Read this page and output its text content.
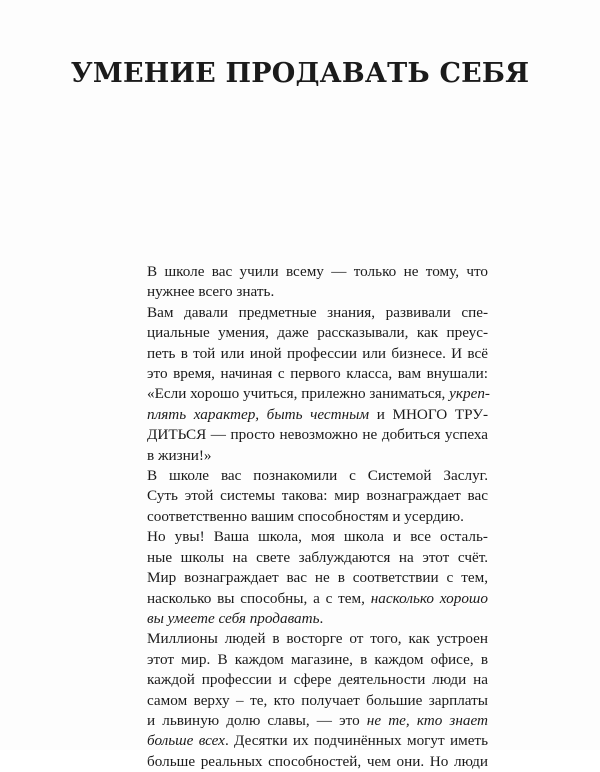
УМЕНИЕ ПРОДАВАТЬ СЕБЯ

В школе вас учили всему — только не тому, что
нужнее всего знать.

Вам давали предметные знания, развивали спе-
циальные умения, даже рассказывали, как преус-
петь в той или иной профессии или бизнесе. И всё
это время, начиная с первого класса, вам внушали:
«Если хорошо учиться, прилежно заниматься, укреп-
плять характер, быть честным и МНОГО ТРУ-
ДИТЬСЯ — просто невозможно не добиться успеха
в жизни!»

В школе вас познакомили с Системой Заслуг.
Суть этой системы такова: мир вознаграждает вас
соответственно вашим способностям и усердию.

Но увы! Ваша школа, моя школа и все осталь-
ные школы на свете заблуждаются на этот счёт.
Мир вознаграждает вас не в соответствии с тем,
насколько вы способны, а с тем, насколько хорошо
вы умеете себя продавать.

Миллионы людей в восторге от того, как устроен
этот мир. В каждом магазине, в каждом офисе, в
каждой профессии и сфере деятельности люди на
самом верху – те, кто получает большие зарплаты
и львиную долю славы, — это не те, кто знает
больше всех. Десятки их подчинённых могут иметь
больше реальных способностей, чем они. Но люди
